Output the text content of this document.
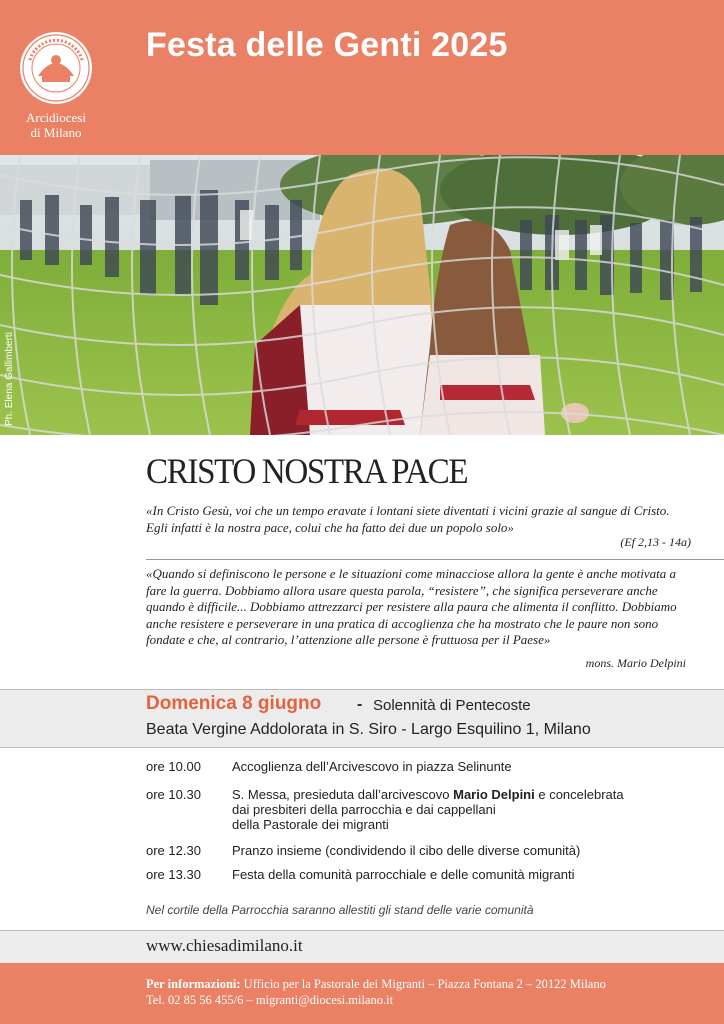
Arcidiocesi
di Milano
Festa delle Genti 2025
Ph. Elena Gallimberti
CRISTO NOSTRA PACE
«In Cristo Gesù, voi che un tempo eravate i lontani siete diventati i vicini grazie al sangue di Cristo. Egli infatti è la nostra pace, colui che ha fatto dei due un popolo solo»
(Ef 2,13 - 14a)
«Quando si definiscono le persone e le situazioni come minacciose allora la gente è anche motivata a fare la guerra. Dobbiamo allora usare questa parola, “resistere”, che significa perseverare anche quando è difficile... Dobbiamo attrezzarci per resistere alla paura che alimenta il conflitto. Dobbiamo anche resistere e perseverare in una pratica di accoglienza che ha mostrato che le paure non sono fondate e che, al contrario, l’attenzione alle persone è fruttuosa per il Paese»
mons. Mario Delpini
Domenica 8 giugno - Solennità di Pentecoste
Beata Vergine Addolorata in S. Siro - Largo Esquilino 1, Milano
ore 10.00	Accoglienza dell’Arcivescovo in piazza Selinunte
ore 10.30	S. Messa, presieduta dall’arcivescovo Mario Delpini e concelebrata
dai presbiteri della parrocchia e dai cappellani
della Pastorale dei migranti
ore 12.30	Pranzo insieme (condividendo il cibo delle diverse comunità)
ore 13.30	Festa della comunità parrocchiale e delle comunità migranti
Nel cortile della Parrocchia saranno allestiti gli stand delle varie comunità
www.chiesadimilano.it
Per informazioni: Ufficio per la Pastorale dei Migranti – Piazza Fontana 2 – 20122 Milano
Tel. 02 85 56 455/6 – migranti@diocesi.milano.it
